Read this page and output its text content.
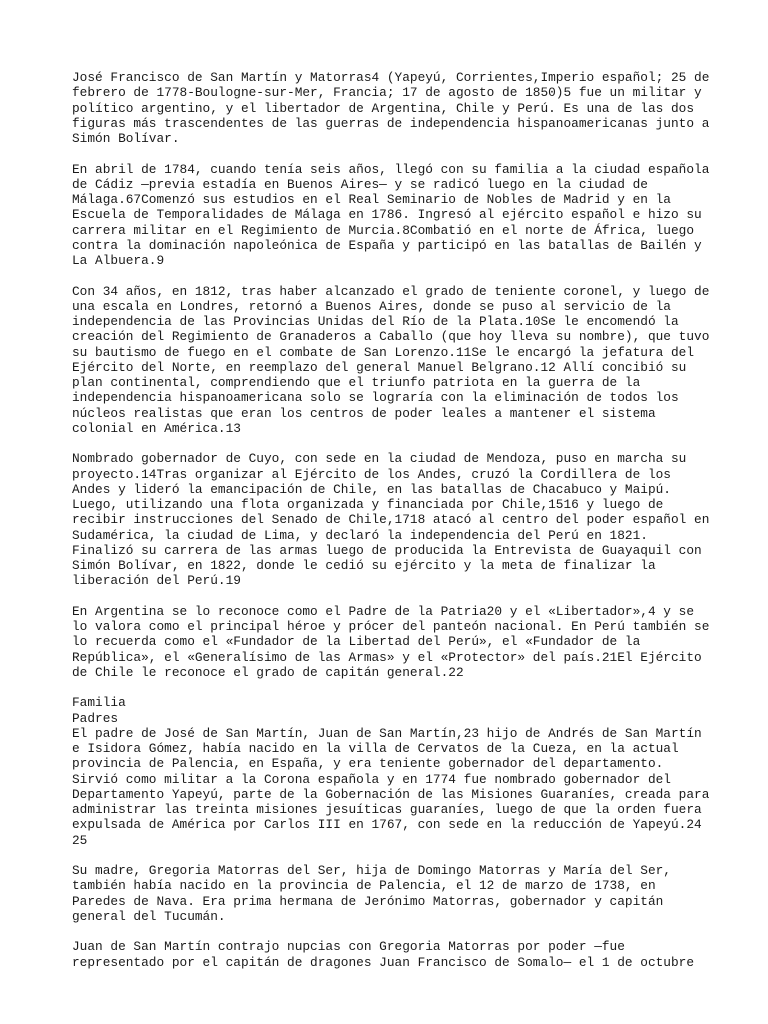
José Francisco de San Martín y Matorras4 (Yapeyú, Corrientes,Imperio español; 25 de
febrero de 1778-Boulogne-sur-Mer, Francia; 17 de agosto de 1850)5 fue un militar y
político argentino, y el libertador de Argentina, Chile y Perú. Es una de las dos
figuras más trascendentes de las guerras de independencia hispanoamericanas junto a
Simón Bolívar.

En abril de 1784, cuando tenía seis años, llegó con su familia a la ciudad española
de Cádiz —previa estadía en Buenos Aires— y se radicó luego en la ciudad de
Málaga.67Comenzó sus estudios en el Real Seminario de Nobles de Madrid y en la
Escuela de Temporalidades de Málaga en 1786. Ingresó al ejército español e hizo su
carrera militar en el Regimiento de Murcia.8Combatió en el norte de África, luego
contra la dominación napoleónica de España y participó en las batallas de Bailén y
La Albuera.9

Con 34 años, en 1812, tras haber alcanzado el grado de teniente coronel, y luego de
una escala en Londres, retornó a Buenos Aires, donde se puso al servicio de la
independencia de las Provincias Unidas del Río de la Plata.10Se le encomendó la
creación del Regimiento de Granaderos a Caballo (que hoy lleva su nombre), que tuvo
su bautismo de fuego en el combate de San Lorenzo.11Se le encargó la jefatura del
Ejército del Norte, en reemplazo del general Manuel Belgrano.12 Allí concibió su
plan continental, comprendiendo que el triunfo patriota en la guerra de la
independencia hispanoamericana solo se lograría con la eliminación de todos los
núcleos realistas que eran los centros de poder leales a mantener el sistema
colonial en América.13

Nombrado gobernador de Cuyo, con sede en la ciudad de Mendoza, puso en marcha su
proyecto.14Tras organizar al Ejército de los Andes, cruzó la Cordillera de los
Andes y lideró la emancipación de Chile, en las batallas de Chacabuco y Maipú.
Luego, utilizando una flota organizada y financiada por Chile,1516 y luego de
recibir instrucciones del Senado de Chile,1718 atacó al centro del poder español en
Sudamérica, la ciudad de Lima, y declaró la independencia del Perú en 1821.
Finalizó su carrera de las armas luego de producida la Entrevista de Guayaquil con
Simón Bolívar, en 1822, donde le cedió su ejército y la meta de finalizar la
liberación del Perú.19

En Argentina se lo reconoce como el Padre de la Patria20 y el «Libertador»,4 y se
lo valora como el principal héroe y prócer del panteón nacional. En Perú también se
lo recuerda como el «Fundador de la Libertad del Perú», el «Fundador de la
República», el «Generalísimo de las Armas» y el «Protector» del país.21El Ejército
de Chile le reconoce el grado de capitán general.22

Familia
Padres
El padre de José de San Martín, Juan de San Martín,23 hijo de Andrés de San Martín
e Isidora Gómez, había nacido en la villa de Cervatos de la Cueza, en la actual
provincia de Palencia, en España, y era teniente gobernador del departamento.
Sirvió como militar a la Corona española y en 1774 fue nombrado gobernador del
Departamento Yapeyú, parte de la Gobernación de las Misiones Guaraníes, creada para
administrar las treinta misiones jesuíticas guaraníes, luego de que la orden fuera
expulsada de América por Carlos III en 1767, con sede en la reducción de Yapeyú.24
25

Su madre, Gregoria Matorras del Ser, hija de Domingo Matorras y María del Ser,
también había nacido en la provincia de Palencia, el 12 de marzo de 1738, en
Paredes de Nava. Era prima hermana de Jerónimo Matorras, gobernador y capitán
general del Tucumán.

Juan de San Martín contrajo nupcias con Gregoria Matorras por poder —fue
representado por el capitán de dragones Juan Francisco de Somalo— el 1 de octubre
